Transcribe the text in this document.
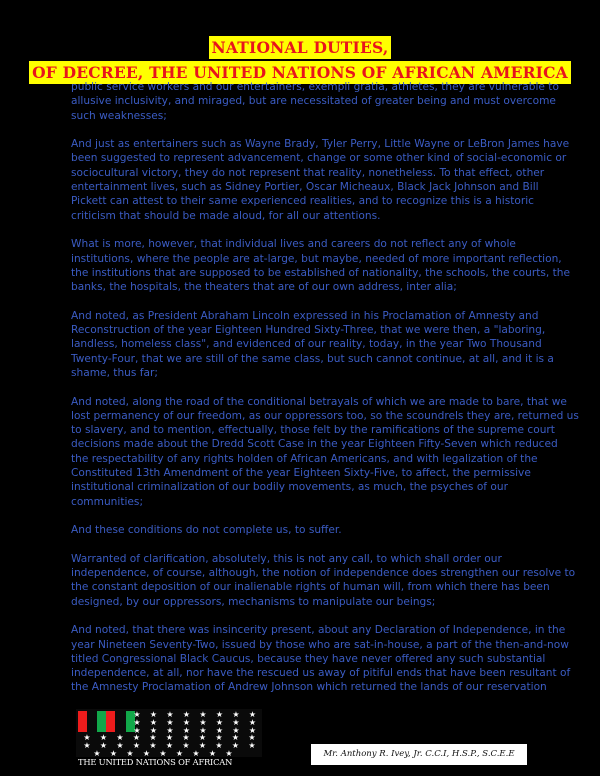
NATIONAL DUTIES,
OF DECREE, THE UNITED NATIONS OF AFRICAN AMERICA
public service workers and our entertainers, exempli gratia, athletes, they are vulnerable to
allusive inclusivity, and miraged, but are necessitated of greater being and must overcome
such weaknesses;
And just as entertainers such as Wayne Brady, Tyler Perry, Little Wayne or LeBron James have
been suggested to represent advancement, change or some other kind of social-economic or
sociocultural victory, they do not represent that reality, nonetheless. To that effect, other
entertainment lives, such as Sidney Portier, Oscar Micheaux, Black Jack Johnson and Bill
Pickett can attest to their same experienced realities, and to recognize this is a historic
criticism that should be made aloud, for all our attentions.
What is more, however, that individual lives and careers do not reflect any of whole
institutions, where the people are at-large, but maybe, needed of more important reflection,
the institutions that are supposed to be established of nationality, the schools, the courts, the
banks, the hospitals, the theaters that are of our own address, inter alia;
And noted, as President Abraham Lincoln expressed in his Proclamation of Amnesty and
Reconstruction of the year Eighteen Hundred Sixty-Three, that we were then, a "laboring,
landless, homeless class", and evidenced of our reality, today, in the year Two Thousand
Twenty-Four, that we are still of the same class, but such cannot continue, at all, and it is a
shame, thus far;
And noted, along the road of the conditional betrayals of which we are made to bare, that we
lost permanency of our freedom, as our oppressors too, so the scoundrels they are, returned us
to slavery, and to mention, effectually, those felt by the ramifications of the supreme court
decisions made about the Dredd Scott Case in the year Eighteen Fifty-Seven which reduced
the respectability of any rights holden of African Americans, and with legalization of the
Constituted 13th Amendment of the year Eighteen Sixty-Five, to affect, the permissive
institutional criminalization of our bodily movements, as much, the psyches of our
communities;
And these conditions do not complete us, to suffer.
Warranted of clarification, absolutely, this is not any call, to which shall order our
independence, of course, although, the notion of independence does strengthen our resolve to
the constant deposition of our inalienable rights of human will, from which there has been
designed, by our oppressors, mechanisms to manipulate our beings;
And noted, that there was insincerity present, about any Declaration of Independence, in the
year Nineteen Seventy-Two, issued by those who are sat-in-house, a part of the then-and-now
titled Congressional Black Caucus, because they have never offered any such substantial
independence, at all, nor have the rescued us away of pitiful ends that have been resultant of
the Amnesty Proclamation of Andrew Johnson which returned the lands of our reservation
★ ★ ★ ★ ★ ★ ★ ★
★ ★ ★ ★ ★ ★ ★ ★
★ ★ ★ ★ ★ ★ ★ ★
★ ★ ★ ★ ★ ★ ★ ★ ★ ★ ★
★ ★ ★ ★ ★ ★ ★ ★ ★ ★ ★
★ ★ ★ ★ ★ ★ ★ ★ ★
THE UNITED NATIONS OF AFRICAN
Mr. Anthony R. Ivey, Jr. C.C.I, H.S.P., S.C.E.E
